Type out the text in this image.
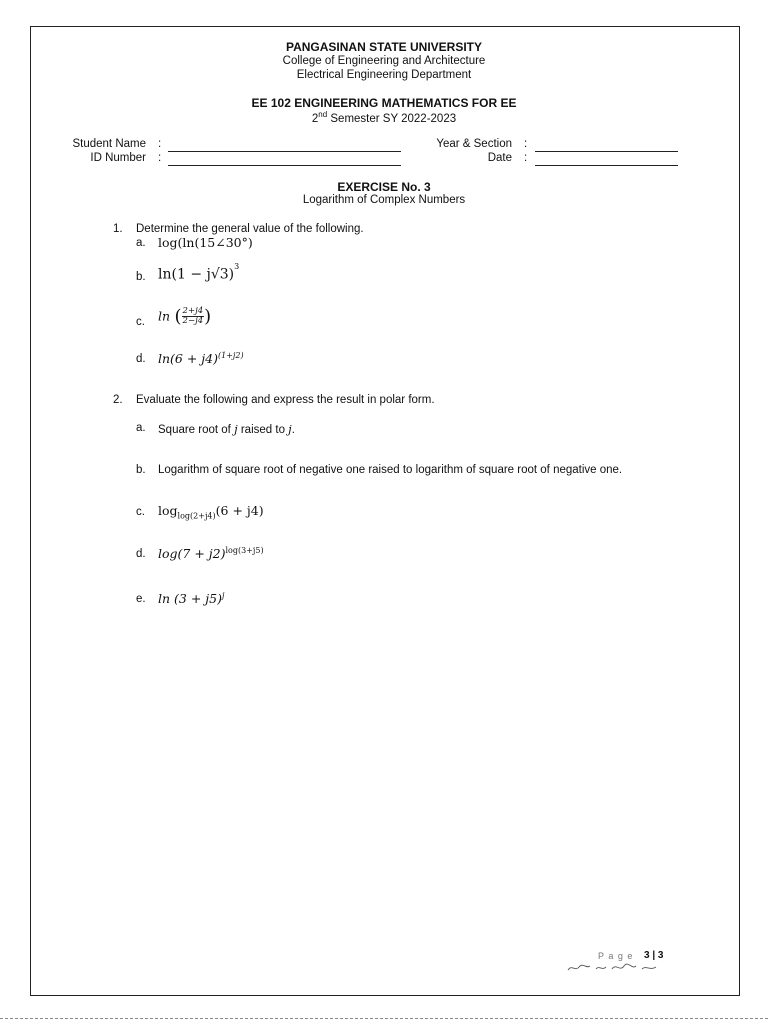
PANGASINAN STATE UNIVERSITY
College of Engineering and Architecture
Electrical Engineering Department
EE 102 ENGINEERING MATHEMATICS FOR EE
2nd Semester SY 2022-2023
Student Name :
ID Number :
Year & Section :
Date :
EXERCISE No. 3
Logarithm of Complex Numbers
1. Determine the general value of the following.
a. log(ln(15∠30°)
b. $\ln(1 - j√3)^3$
c. ln ( $\frac{2+j4}{2-j4}$ )
d. $\ln(6 + j4)^{(1+j2)}$
2. Evaluate the following and express the result in polar form.
a. Square root of j raised to j.
b. Logarithm of square root of negative one raised to logarithm of square root of negative one.
c. $\log_{log(2+j4)}(6 + j4)$
d. $\log(7 + j2)^{log(3+j5)}$
e. $\ln (3 + j5)^j$
P a g e 3 | 3
